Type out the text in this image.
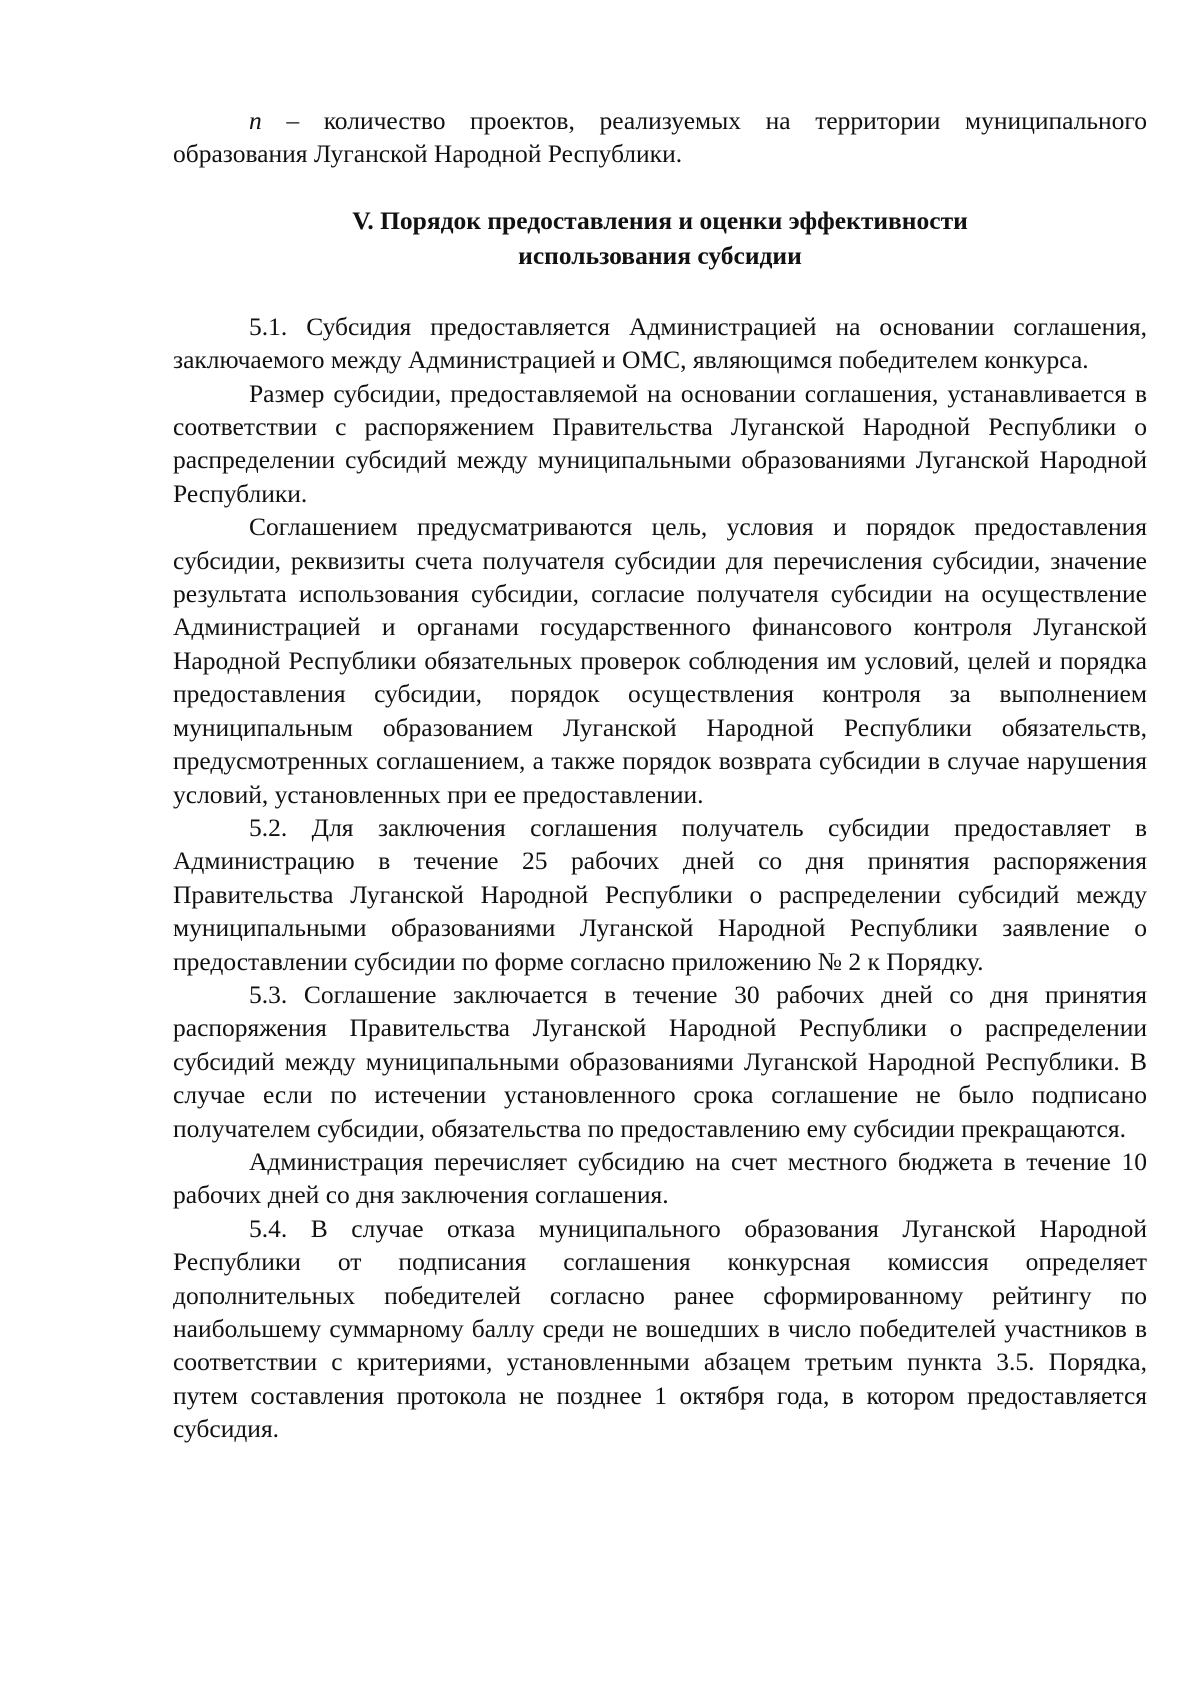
n – количество проектов, реализуемых на территории муниципального образования Луганской Народной Республики.

V. Порядок предоставления и оценки эффективности
использования субсидии

5.1. Субсидия предоставляется Администрацией на основании соглашения, заключаемого между Администрацией и ОМС, являющимся победителем конкурса.

Размер субсидии, предоставляемой на основании соглашения, устанавливается в соответствии с распоряжением Правительства Луганской Народной Республики о распределении субсидий между муниципальными образованиями Луганской Народной Республики.

Соглашением предусматриваются цель, условия и порядок предоставления субсидии, реквизиты счета получателя субсидии для перечисления субсидии, значение результата использования субсидии, согласие получателя субсидии на осуществление Администрацией и органами государственного финансового контроля Луганской Народной Республики обязательных проверок соблюдения им условий, целей и порядка предоставления субсидии, порядок осуществления контроля за выполнением муниципальным образованием Луганской Народной Республики обязательств, предусмотренных соглашением, а также порядок возврата субсидии в случае нарушения условий, установленных при ее предоставлении.

5.2. Для заключения соглашения получатель субсидии предоставляет в Администрацию в течение 25 рабочих дней со дня принятия распоряжения Правительства Луганской Народной Республики о распределении субсидий между муниципальными образованиями Луганской Народной Республики заявление о предоставлении субсидии по форме согласно приложению № 2 к Порядку.

5.3. Соглашение заключается в течение 30 рабочих дней со дня принятия распоряжения Правительства Луганской Народной Республики о распределении субсидий между муниципальными образованиями Луганской Народной Республики. В случае если по истечении установленного срока соглашение не было подписано получателем субсидии, обязательства по предоставлению ему субсидии прекращаются.

Администрация перечисляет субсидию на счет местного бюджета в течение 10 рабочих дней со дня заключения соглашения.

5.4. В случае отказа муниципального образования Луганской Народной Республики от подписания соглашения конкурсная комиссия определяет дополнительных победителей согласно ранее сформированному рейтингу по наибольшему суммарному баллу среди не вошедших в число победителей участников в соответствии с критериями, установленными абзацем третьим пункта 3.5. Порядка, путем составления протокола не позднее 1 октября года, в котором предоставляется субсидия.
